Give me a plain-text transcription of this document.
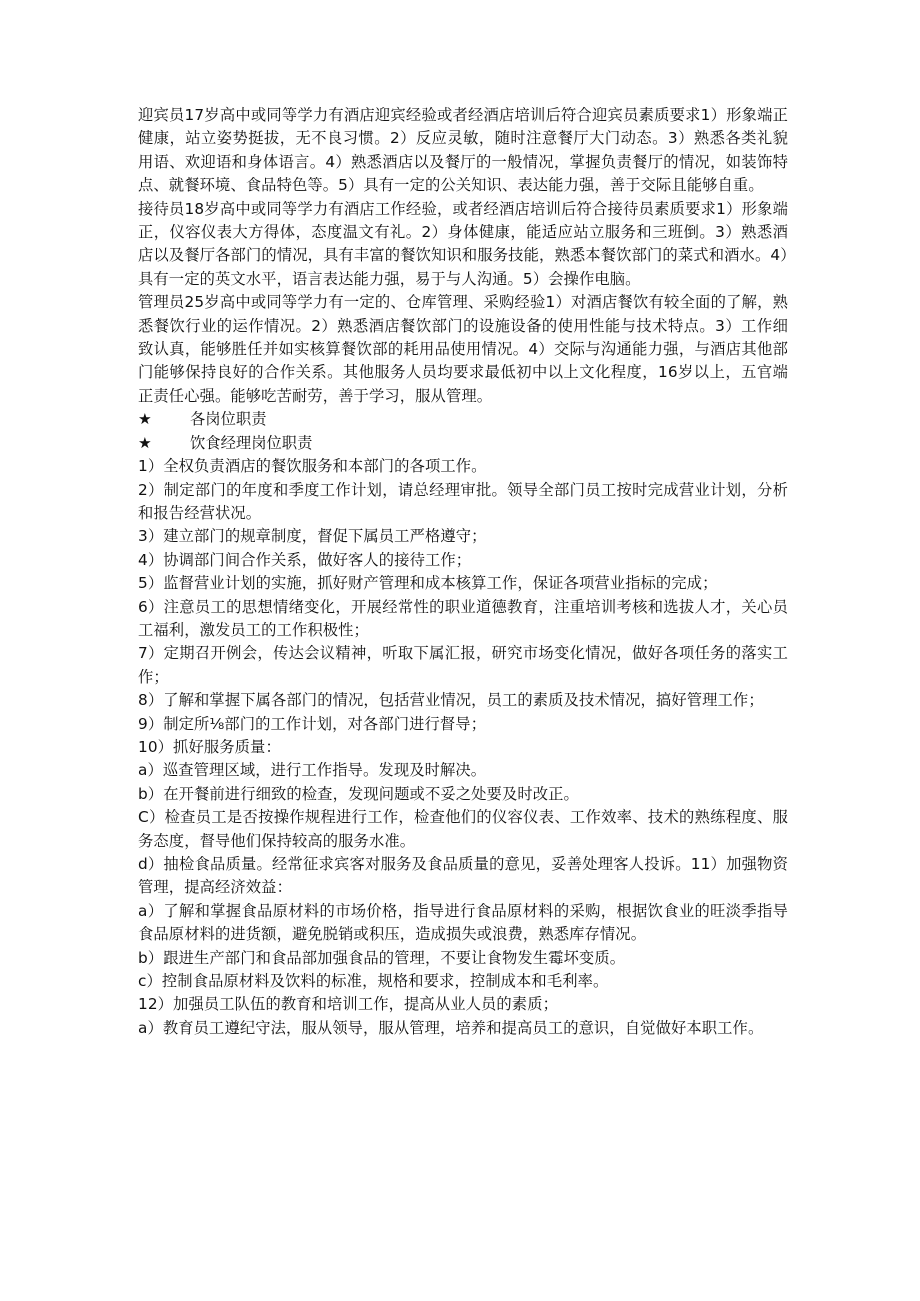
迎宾员17岁高中或同等学力有酒店迎宾经验或者经酒店培训后符合迎宾员素质要求1）形象端正健康，站立姿势挺拔，无不良习惯。2）反应灵敏，随时注意餐厅大门动态。3）熟悉各类礼貌用语、欢迎语和身体语言。4）熟悉酒店以及餐厅的一般情况，掌握负责餐厅的情况，如装饰特点、就餐环境、食品特色等。5）具有一定的公关知识、表达能力强，善于交际且能够自重。

接待员18岁高中或同等学力有酒店工作经验，或者经酒店培训后符合接待员素质要求1）形象端正，仪容仪表大方得体，态度温文有礼。2）身体健康，能适应站立服务和三班倒。3）熟悉酒店以及餐厅各部门的情况，具有丰富的餐饮知识和服务技能，熟悉本餐饮部门的菜式和酒水。4）具有一定的英文水平，语言表达能力强，易于与人沟通。5）会操作电脑。

管理员25岁高中或同等学力有一定的、仓库管理、采购经验1）对酒店餐饮有较全面的了解，熟悉餐饮行业的运作情况。2）熟悉酒店餐饮部门的设施设备的使用性能与技术特点。3）工作细致认真，能够胜任并如实核算餐饮部的耗用品使用情况。4）交际与沟通能力强，与酒店其他部门能够保持良好的合作关系。其他服务人员均要求最低初中以上文化程度，16岁以上，五官端正责任心强。能够吃苦耐劳，善于学习，服从管理。

★	各岗位职责

★	饮食经理岗位职责

1）全权负责酒店的餐饮服务和本部门的各项工作。

2）制定部门的年度和季度工作计划，请总经理审批。领导全部门员工按时完成营业计划，分析和报告经营状况。

3）建立部门的规章制度，督促下属员工严格遵守；

4）协调部门间合作关系，做好客人的接待工作；

5）监督营业计划的实施，抓好财产管理和成本核算工作，保证各项营业指标的完成；

6）注意员工的思想情绪变化，开展经常性的职业道德教育，注重培训考核和选拔人才，关心员工福利，激发员工的工作积极性；

7）定期召开例会，传达会议精神，听取下属汇报，研究市场变化情况，做好各项任务的落实工作；

8）了解和掌握下属各部门的情况，包括营业情况，员工的素质及技术情况，搞好管理工作；

9）制定所⅛部门的工作计划，对各部门进行督导；

10）抓好服务质量：

a）巡查管理区域，进行工作指导。发现及时解决。

b）在开餐前进行细致的检查，发现问题或不妥之处要及时改正。

C）检查员工是否按操作规程进行工作，检查他们的仪容仪表、工作效率、技术的熟练程度、服务态度，督导他们保持较高的服务水准。

d）抽检食品质量。经常征求宾客对服务及食品质量的意见，妥善处理客人投诉。11）加强物资管理，提高经济效益：

a）了解和掌握食品原材料的市场价格，指导进行食品原材料的采购，根据饮食业的旺淡季指导食品原材料的进货额，避免脱销或积压，造成损失或浪费，熟悉库存情况。

b）跟进生产部门和食品部加强食品的管理，不要让食物发生霉坏变质。

c）控制食品原材料及饮料的标准，规格和要求，控制成本和毛利率。

12）加强员工队伍的教育和培训工作，提高从业人员的素质；

a）教育员工遵纪守法，服从领导，服从管理，培养和提高员工的意识，自觉做好本职工作。
